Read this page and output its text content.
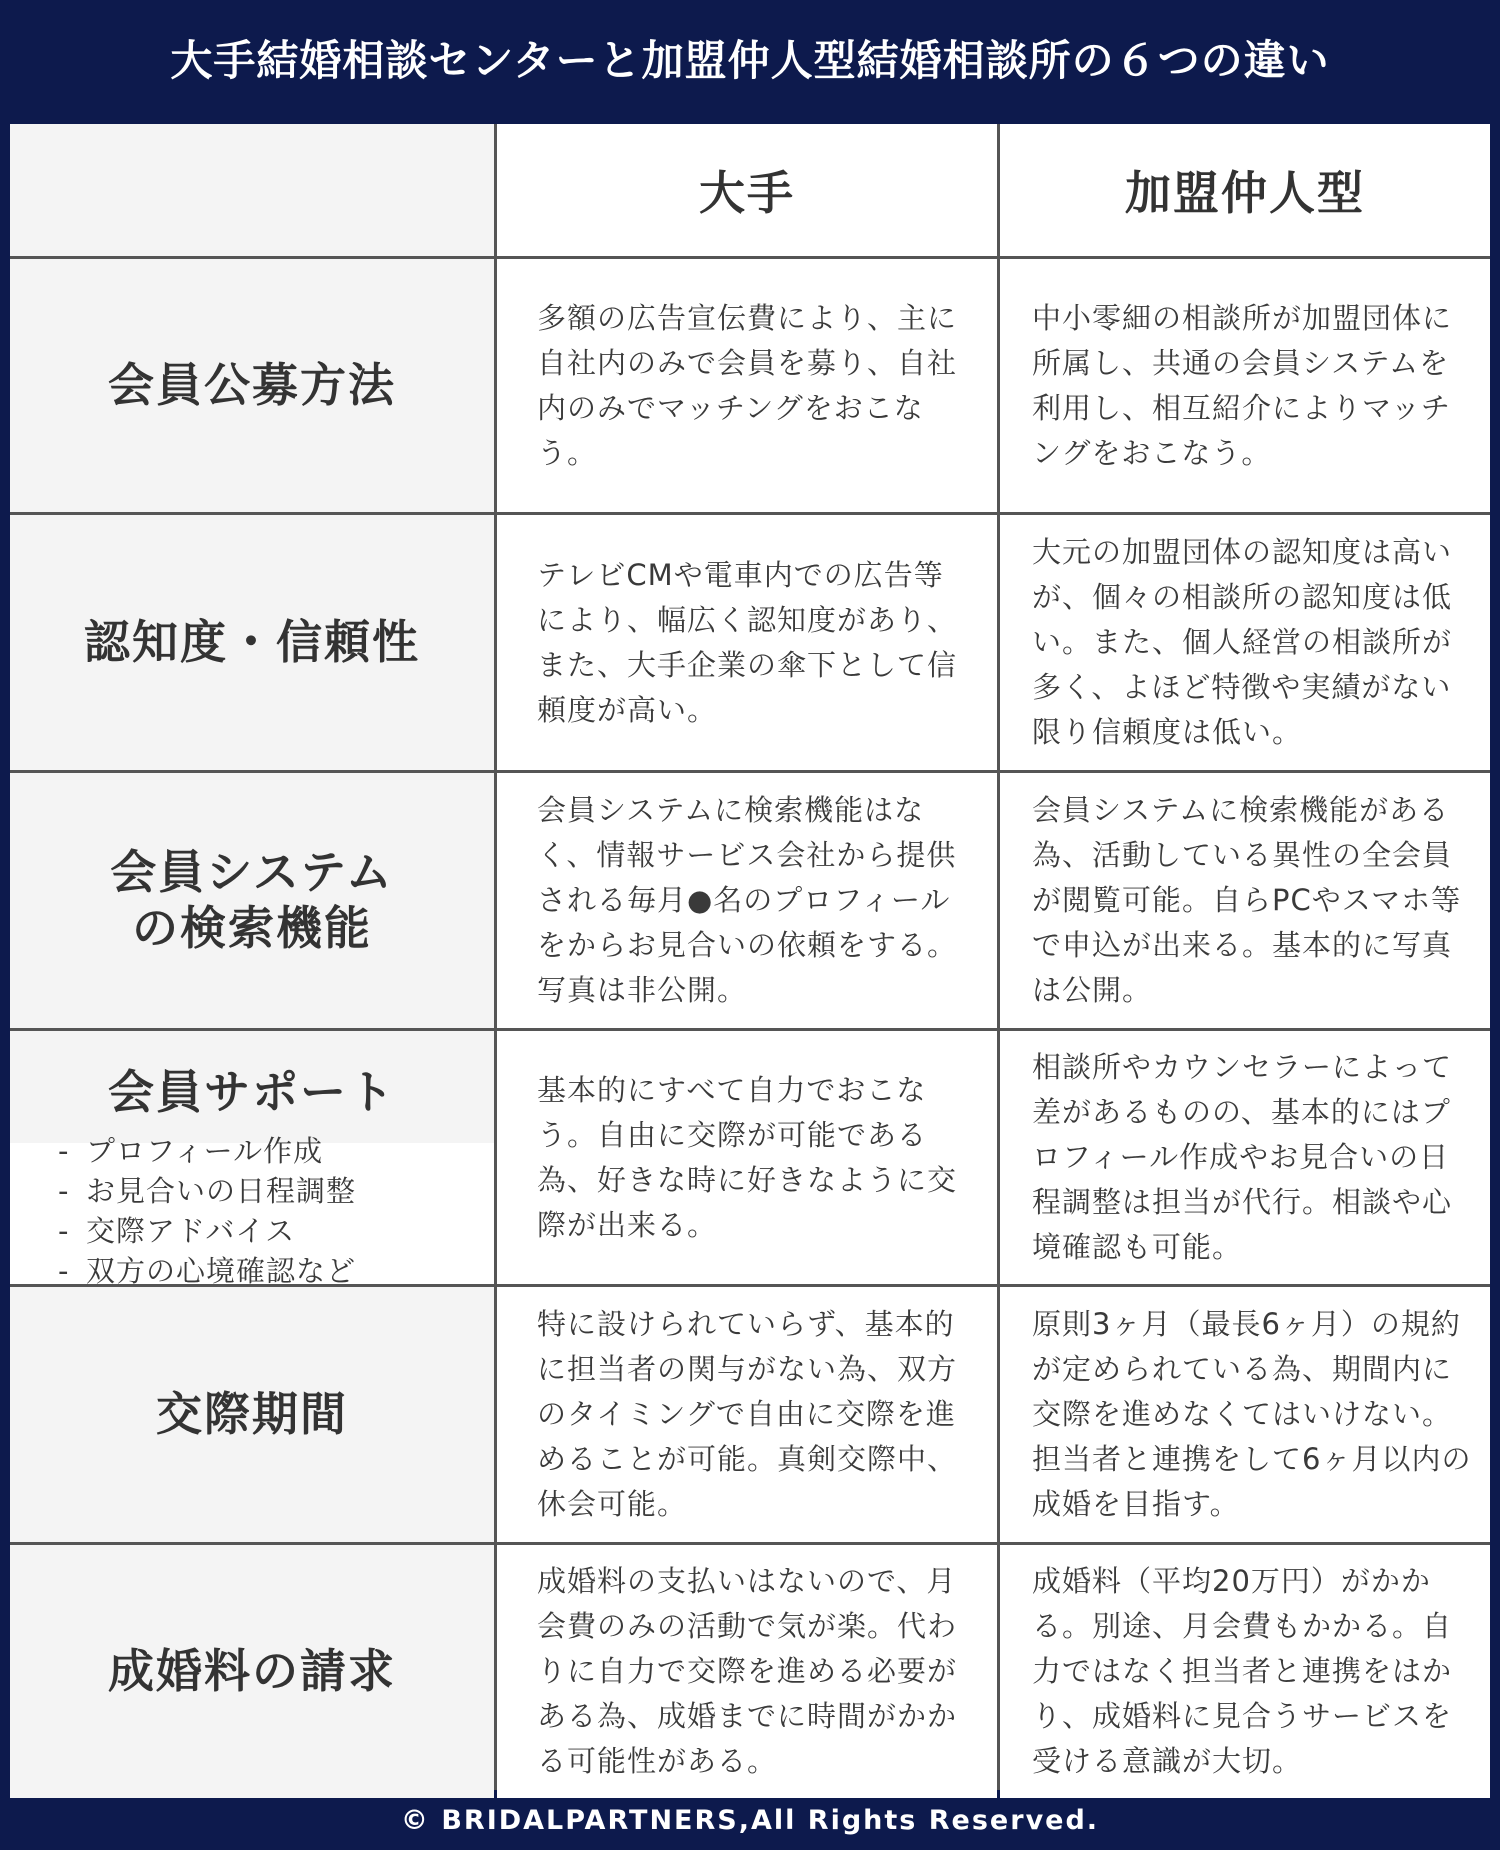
大手結婚相談センターと加盟仲人型結婚相談所の６つの違い
大手	加盟仲人型
会員公募方法
多額の広告宣伝費により、主に自社内のみで会員を募り、自社内のみでマッチングをおこなう。
中小零細の相談所が加盟団体に所属し、共通の会員システムを利用し、相互紹介によりマッチングをおこなう。
認知度・信頼性
テレビCMや電車内での広告等により、幅広く認知度があり、また、大手企業の傘下として信頼度が高い。
大元の加盟団体の認知度は高いが、個々の相談所の認知度は低い。また、個人経営の相談所が多く、よほど特徴や実績がない限り信頼度は低い。
会員システム
の検索機能
会員システムに検索機能はなく、情報サービス会社から提供される毎月●名のプロフィールをからお見合いの依頼をする。写真は非公開。
会員システムに検索機能がある為、活動している異性の全会員が閲覧可能。自らPCやスマホ等で申込が出来る。基本的に写真は公開。
会員サポート
- プロフィール作成
- お見合いの日程調整
- 交際アドバイス
- 双方の心境確認など
基本的にすべて自力でおこなう。自由に交際が可能である為、好きな時に好きなように交際が出来る。
相談所やカウンセラーによって差があるものの、基本的にはプロフィール作成やお見合いの日程調整は担当が代行。相談や心境確認も可能。
交際期間
特に設けられていらず、基本的に担当者の関与がない為、双方のタイミングで自由に交際を進めることが可能。真剣交際中、休会可能。
原則3ヶ月（最長6ヶ月）の規約が定められている為、期間内に交際を進めなくてはいけない。担当者と連携をして6ヶ月以内の成婚を目指す。
成婚料の請求
成婚料の支払いはないので、月会費のみの活動で気が楽。代わりに自力で交際を進める必要がある為、成婚までに時間がかかる可能性がある。
成婚料（平均20万円）がかかる。別途、月会費もかかる。自力ではなく担当者と連携をはかり、成婚料に見合うサービスを受ける意識が大切。
© BRIDALPARTNERS,All Rights Reserved.
